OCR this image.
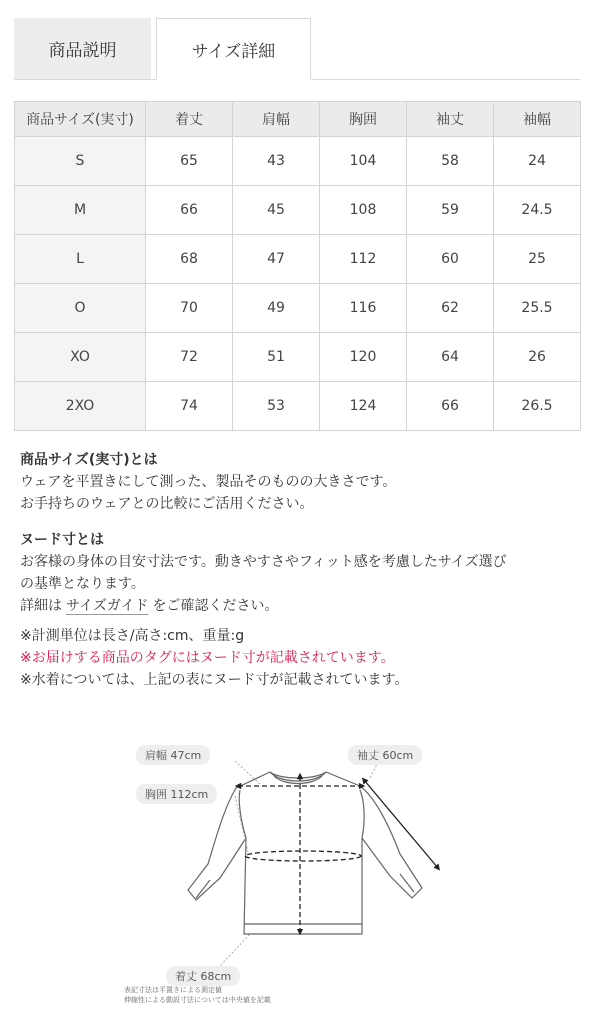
商品説明	サイズ詳細
商品サイズ(実寸)	着丈	肩幅	胸囲	袖丈	袖幅
S	65	43	104	58	24
M	66	45	108	59	24.5
L	68	47	112	60	25
O	70	49	116	62	25.5
XO	72	51	120	64	26
2XO	74	53	124	66	26.5
商品サイズ(実寸)とは
ウェアを平置きにして測った、製品そのものの大きさです。
お手持ちのウェアとの比較にご活用ください。
ヌード寸とは
お客様の身体の目安寸法です。動きやすさやフィット感を考慮したサイズ選び
の基準となります。
詳細は サイズガイド をご確認ください。
※計測単位は長さ/高さ:cm、重量:g
※お届けする商品のタグにはヌード寸が記載されています。
※水着については、上記の表にヌード寸が記載されています。
肩幅 47cm	袖丈 60cm
胸囲 112cm
着丈 68cm
表記寸法は平置きによる測定値
伸縮性による動設寸法については中央値を記載
